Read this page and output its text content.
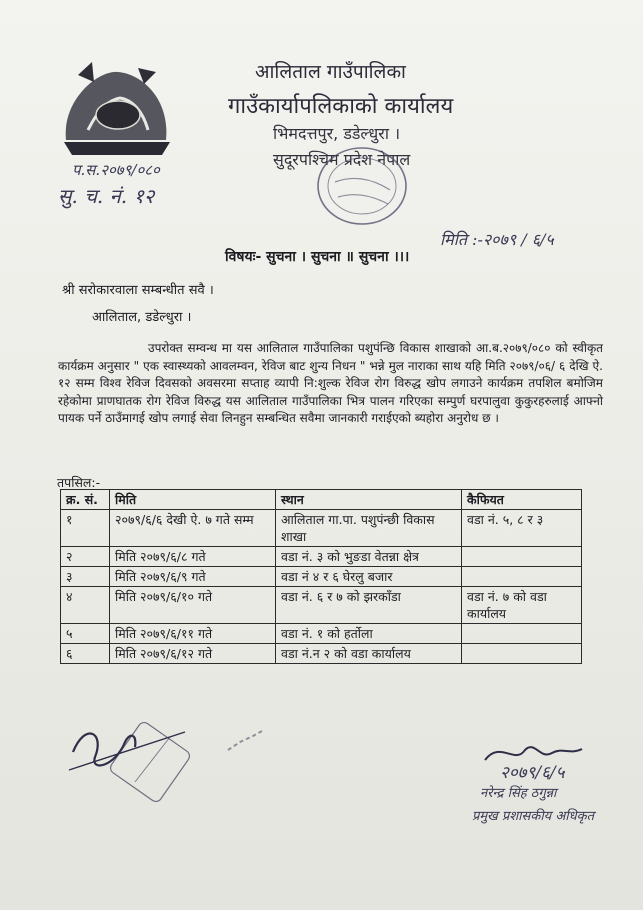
आलिताल गाउँपालिका
गाउँकार्यापलिकाको कार्यालय
भिमदत्तपुर, डडेल्धुरा ।
सुदूरपश्चिम प्रदेश नेपाल
प.स.२०७९/०८०
सु. च. नं. १२
मिति :-२०७९ / ६/५
विषयः- सुचना । सुचना ॥ सुचना ।।।
श्री सरोकारवाला सम्बन्धीत सवै ।
आलिताल, डडेल्धुरा ।
उपरोक्त सम्वन्ध मा यस आलिताल गाउँपालिका पशुपंन्छि विकास शाखाको आ.ब.२०७९/०८० को स्वीकृत कार्यक्रम अनुसार " एक स्वास्थ्यको आवलम्वन, रेविज बाट शुन्य निधन " भन्ने मुल नाराका साथ यहि मिति २०७९/०६/ ६ देखि ऐ. १२ सम्म विश्व रेविज दिवसको अवसरमा सप्ताह व्यापी नि:शुल्क रेविज रोग विरुद्ध खोप लगाउने कार्यक्रम तपशिल बमोजिम रहेकोमा प्राणघातक रोग रेविज विरुद्ध यस आलिताल गाउँपालिका भित्र पालन गरिएका सम्पुर्ण घरपालुवा कुकुरहरुलाई आफ्नो पायक पर्ने ठाउँमागई खोप लगाई सेवा लिनहुन सम्बन्धित सवैमा जानकारी गराईएको ब्यहोरा अनुरोध छ ।
तपसिल:-
क्र. सं.	मिति	स्थान	कैफियत
१	२०७९/६/६ देखी ऐ. ७ गते सम्म	आलिताल गा.पा. पशुपंन्छी विकास शाखा	वडा नं. ५, ८ र ३
२	मिति २०७९/६/८ गते	वडा नं. ३ को भुङडा वेतन्ना क्षेत्र	
३	मिति २०७९/६/९ गते	वडा नं ४ र ६ घेरलु बजार	
४	मिति २०७९/६/१० गते	वडा नं. ६ र ७ को झरकाँडा	वडा नं. ७ को वडा कार्यालय
५	मिति २०७९/६/११ गते	वडा नं. १ को हर्तोला	
६	मिति २०७९/६/१२ गते	वडा नं.न २ को वडा कार्यालय	
२०७९/६/५
नरेन्द्र सिंह ठगुन्ना
प्रमुख प्रशासकीय अधिकृत
